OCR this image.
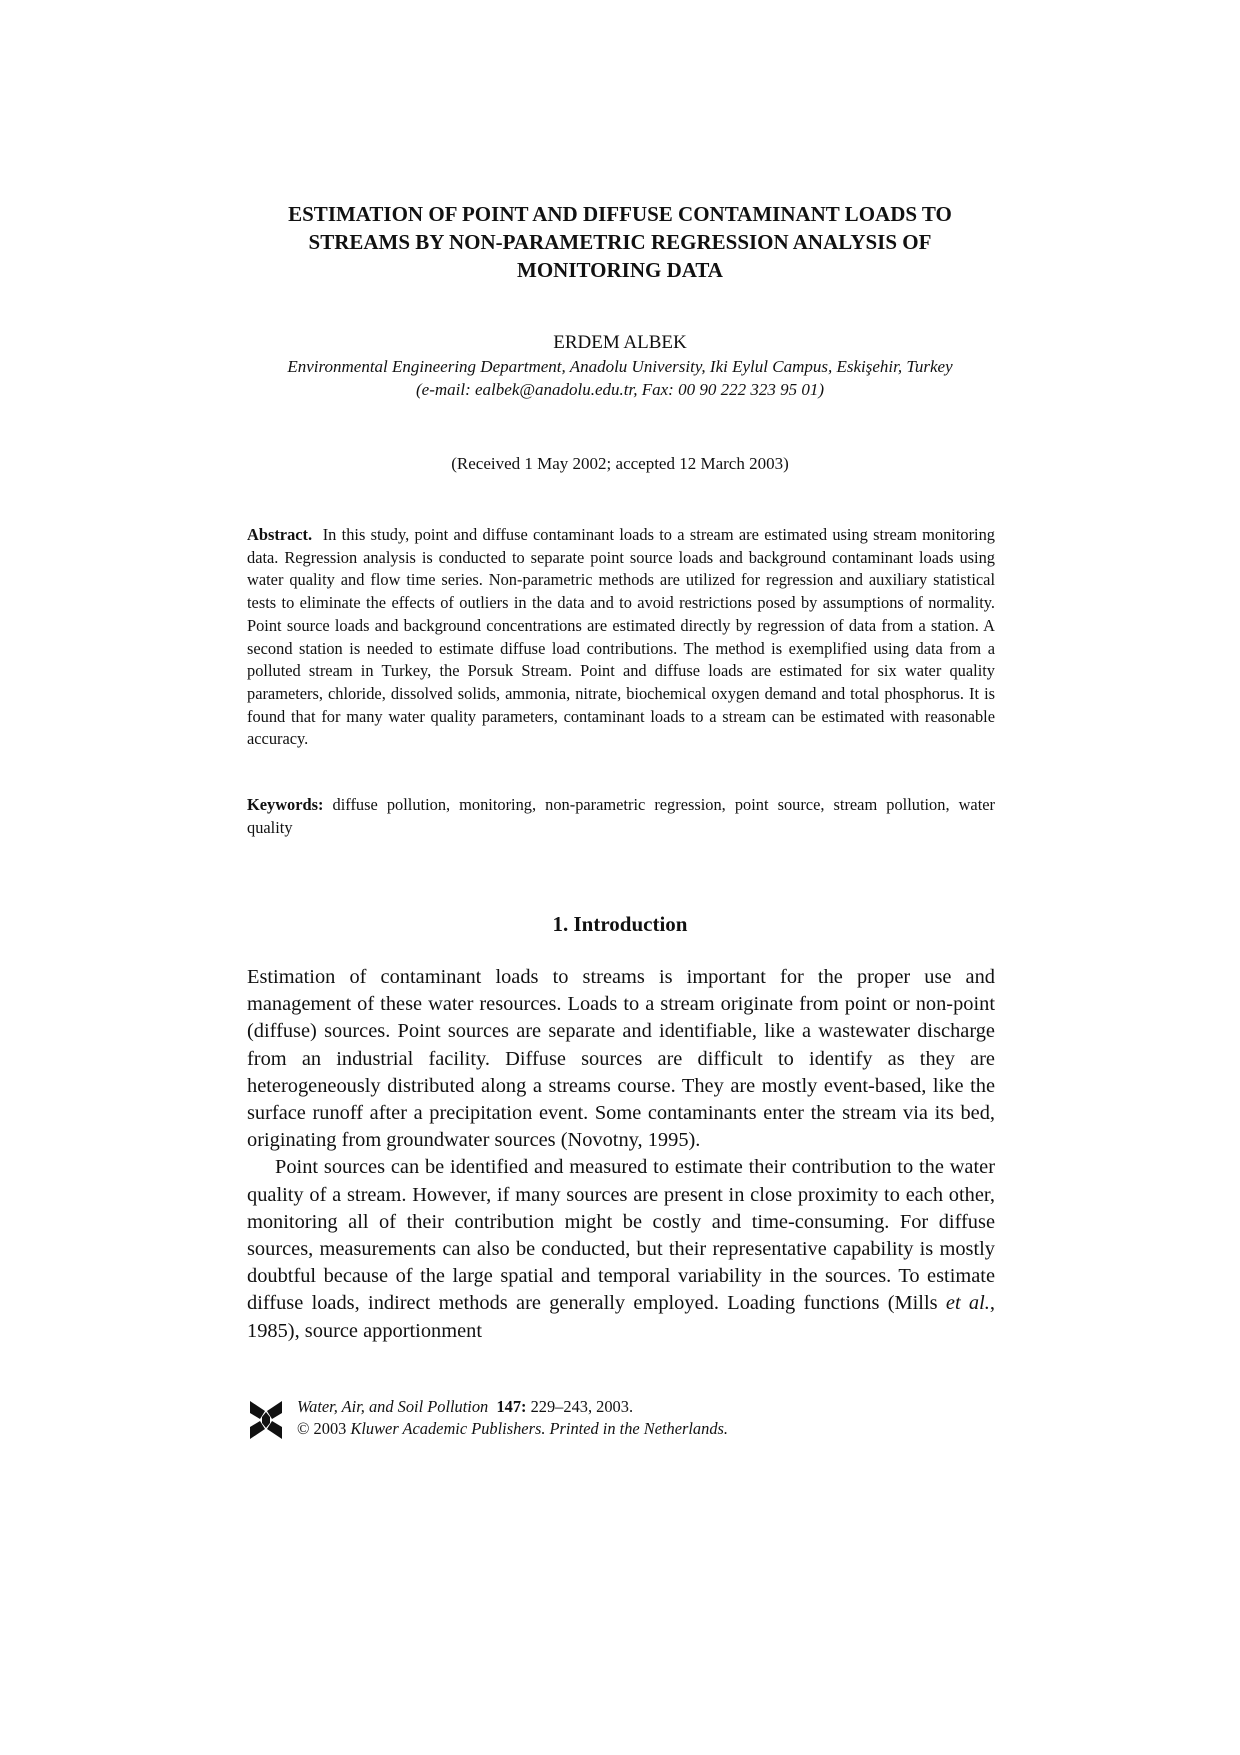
ESTIMATION OF POINT AND DIFFUSE CONTAMINANT LOADS TO
STREAMS BY NON-PARAMETRIC REGRESSION ANALYSIS OF
MONITORING DATA
ERDEM ALBEK
Environmental Engineering Department, Anadolu University, Iki Eylul Campus, Eskişehir, Turkey
(e-mail: ealbek@anadolu.edu.tr, Fax: 00 90 222 323 95 01)
(Received 1 May 2002; accepted 12 March 2003)
Abstract. In this study, point and diffuse contaminant loads to a stream are estimated using stream monitoring data. Regression analysis is conducted to separate point source loads and background contaminant loads using water quality and flow time series. Non-parametric methods are utilized for regression and auxiliary statistical tests to eliminate the effects of outliers in the data and to avoid restrictions posed by assumptions of normality. Point source loads and background concentrations are estimated directly by regression of data from a station. A second station is needed to estimate diffuse load contributions. The method is exemplified using data from a polluted stream in Turkey, the Porsuk Stream. Point and diffuse loads are estimated for six water quality parameters, chloride, dissolved solids, ammonia, nitrate, biochemical oxygen demand and total phosphorus. It is found that for many water quality parameters, contaminant loads to a stream can be estimated with reasonable accuracy.
Keywords: diffuse pollution, monitoring, non-parametric regression, point source, stream pollution, water quality
1. Introduction

Estimation of contaminant loads to streams is important for the proper use and management of these water resources. Loads to a stream originate from point or non-point (diffuse) sources. Point sources are separate and identifiable, like a wastewater discharge from an industrial facility. Diffuse sources are difficult to identify as they are heterogeneously distributed along a streams course. They are mostly event-based, like the surface runoff after a precipitation event. Some contaminants enter the stream via its bed, originating from groundwater sources (Novotny, 1995).

Point sources can be identified and measured to estimate their contribution to the water quality of a stream. However, if many sources are present in close proximity to each other, monitoring all of their contribution might be costly and time-consuming. For diffuse sources, measurements can also be conducted, but their representative capability is mostly doubtful because of the large spatial and temporal variability in the sources. To estimate diffuse loads, indirect methods are generally employed. Loading functions (Mills et al., 1985), source apportionment

Water, Air, and Soil Pollution 147: 229–243, 2003.
© 2003 Kluwer Academic Publishers. Printed in the Netherlands.
